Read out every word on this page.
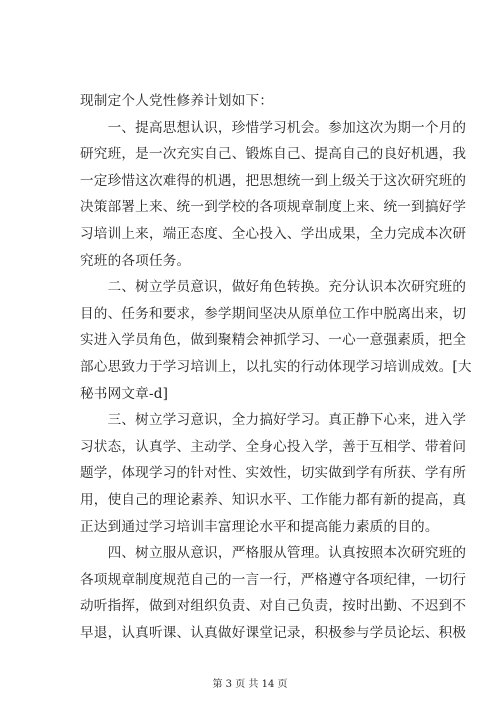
现制定个人党性修养计划如下：
　　一、提高思想认识，珍惜学习机会。参加这次为期一个月的
研究班，是一次充实自己、锻炼自己、提高自己的良好机遇，我
一定珍惜这次难得的机遇，把思想统一到上级关于这次研究班的
决策部署上来、统一到学校的各项规章制度上来、统一到搞好学
习培训上来，端正态度、全心投入、学出成果，全力完成本次研
究班的各项任务。
　　二、树立学员意识，做好角色转换。充分认识本次研究班的
目的、任务和要求，参学期间坚决从原单位工作中脱离出来，切
实进入学员角色，做到聚精会神抓学习、一心一意强素质，把全
部心思致力于学习培训上，以扎实的行动体现学习培训成效。[大
秘书网文章-d]
　　三、树立学习意识，全力搞好学习。真正静下心来，进入学
习状态，认真学、主动学、全身心投入学，善于互相学、带着问
题学，体现学习的针对性、实效性，切实做到学有所获、学有所
用，使自己的理论素养、知识水平、工作能力都有新的提高，真
正达到通过学习培训丰富理论水平和提高能力素质的目的。
　　四、树立服从意识，严格服从管理。认真按照本次研究班的
各项规章制度规范自己的一言一行，严格遵守各项纪律，一切行
动听指挥，做到对组织负责、对自己负责，按时出勤、不迟到不
早退，认真听课、认真做好课堂记录，积极参与学员论坛、积极
第 3 页 共 14 页
